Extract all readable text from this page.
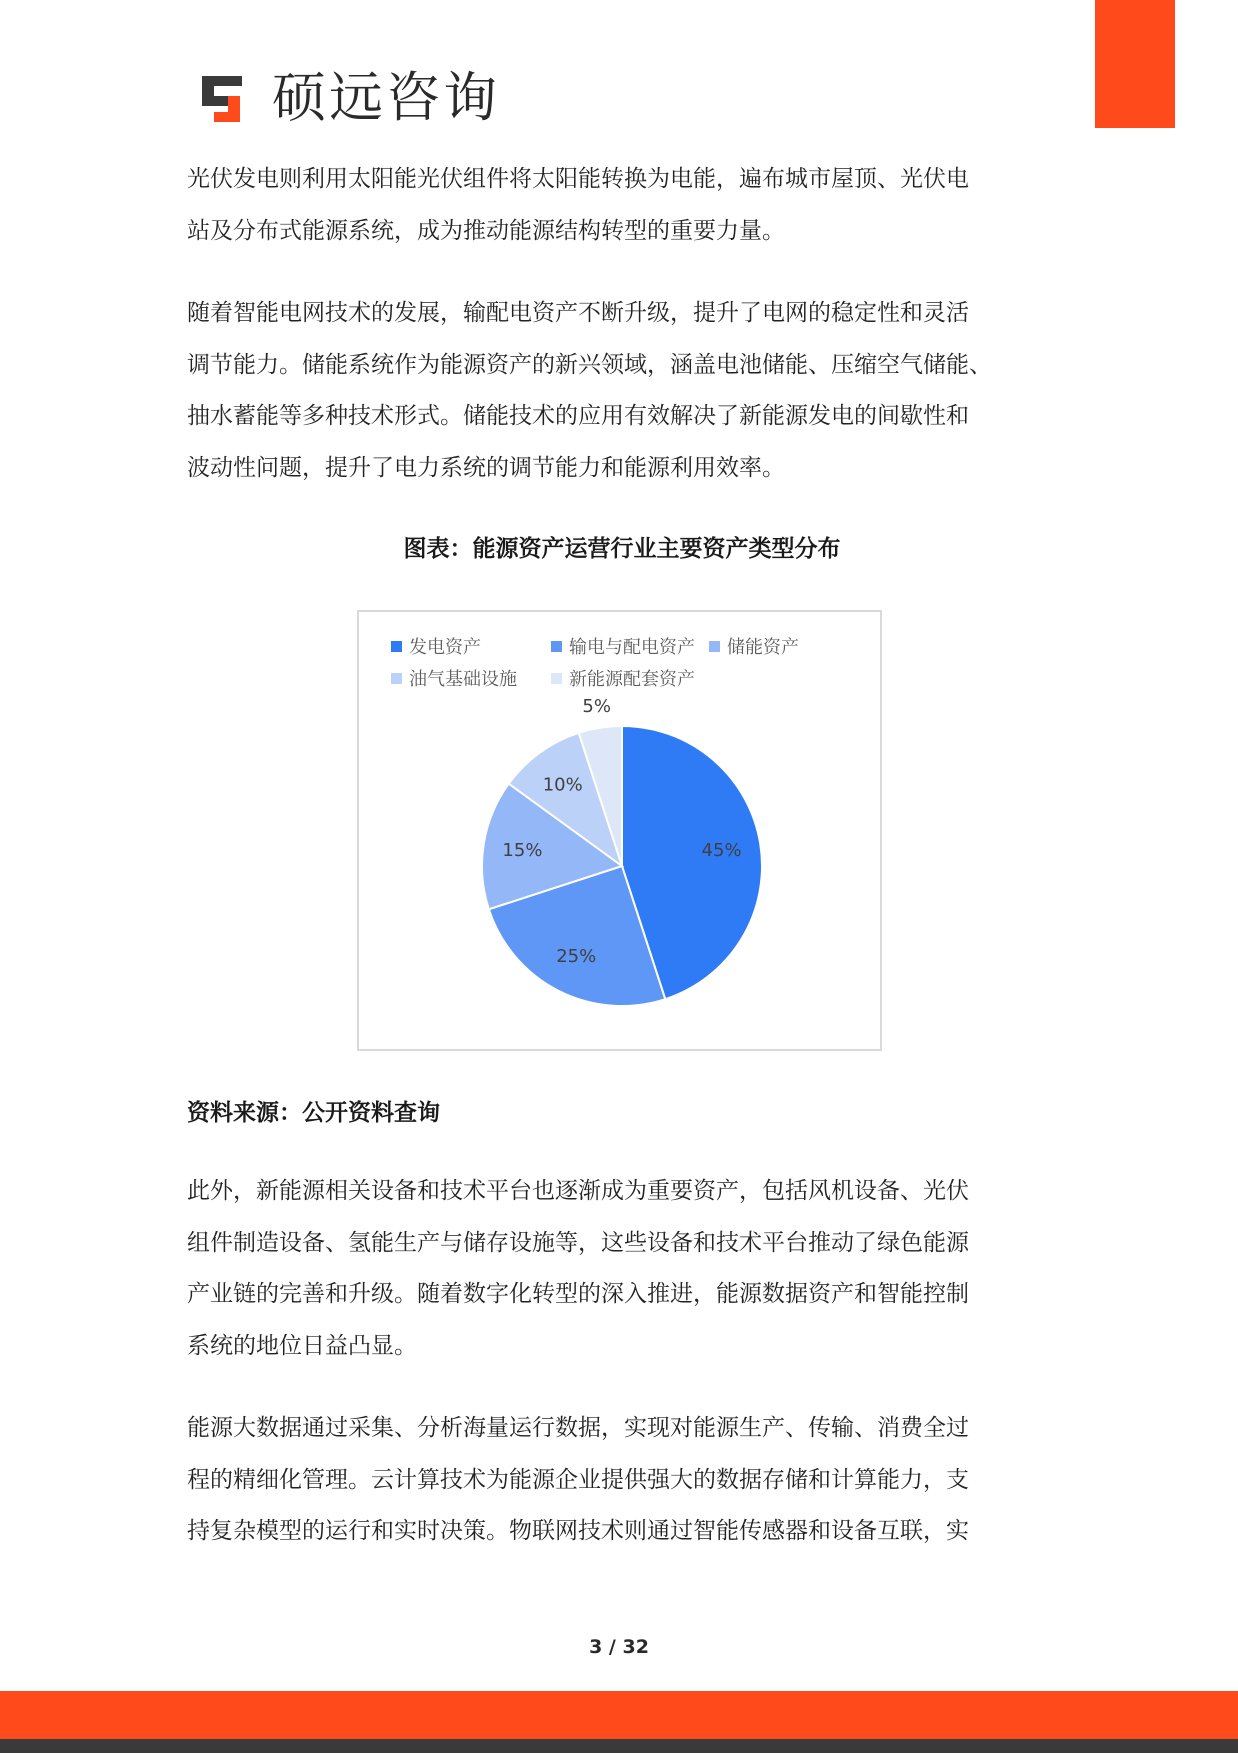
硕远咨询

光伏发电则利用太阳能光伏组件将太阳能转换为电能，遍布城市屋顶、光伏电

站及分布式能源系统，成为推动能源结构转型的重要力量。

随着智能电网技术的发展，输配电资产不断升级，提升了电网的稳定性和灵活

调节能力。储能系统作为能源资产的新兴领域，涵盖电池储能、压缩空气储能、

抽水蓄能等多种技术形式。储能技术的应用有效解决了新能源发电的间歇性和

波动性问题，提升了电力系统的调节能力和能源利用效率。

图表：能源资产运营行业主要资产类型分布
45%
25%
15%
10%
5%
发电资产	输电与配电资产 储能资产
油气基础设施	新能源配套资产
资料来源：公开资料查询

此外，新能源相关设备和技术平台也逐渐成为重要资产，包括风机设备、光伏

组件制造设备、氢能生产与储存设施等，这些设备和技术平台推动了绿色能源

产业链的完善和升级。随着数字化转型的深入推进，能源数据资产和智能控制

系统的地位日益凸显。

能源大数据通过采集、分析海量运行数据，实现对能源生产、传输、消费全过

程的精细化管理。云计算技术为能源企业提供强大的数据存储和计算能力，支

持复杂模型的运行和实时决策。物联网技术则通过智能传感器和设备互联，实

3 / 32
